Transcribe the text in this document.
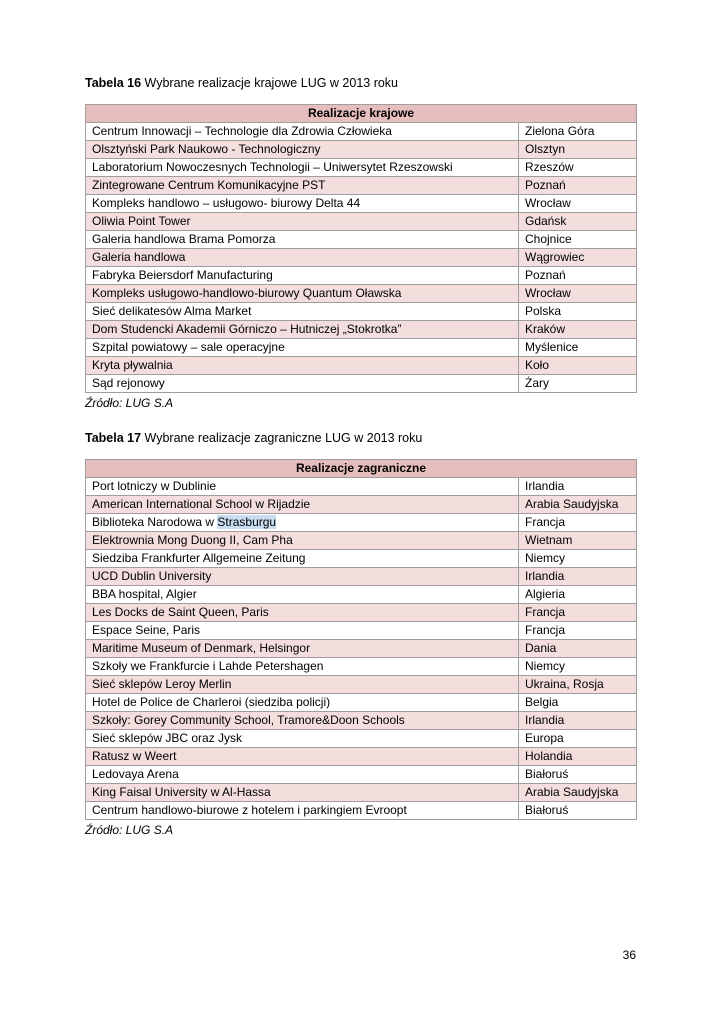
Tabela 16 Wybrane realizacje krajowe LUG w 2013 roku

Realizacje krajowe	
Centrum Innowacji – Technologie dla Zdrowia Człowieka	Zielona Góra
Olsztyński Park Naukowo - Technologiczny	Olsztyn
Laboratorium Nowoczesnych Technologii – Uniwersytet Rzeszowski	Rzeszów
Zintegrowane Centrum Komunikacyjne PST	Poznań
Kompleks handlowo – usługowo- biurowy Delta 44	Wrocław
Oliwia Point Tower	Gdańsk
Galeria handlowa Brama Pomorza	Chojnice
Galeria handlowa	Wągrowiec
Fabryka Beiersdorf Manufacturing	Poznań
Kompleks usługowo-handlowo-biurowy Quantum Oławska	Wrocław
Sieć delikatesów Alma Market	Polska
Dom Studencki Akademii Górniczo – Hutniczej „Stokrotka”	Kraków
Szpital powiatowy – sale operacyjne	Myślenice
Kryta pływalnia	Koło
Sąd rejonowy	Żary

Źródło: LUG S.A

Tabela 17 Wybrane realizacje zagraniczne LUG w 2013 roku

Realizacje zagraniczne	
Port lotniczy w Dublinie	Irlandia
American International School w Rijadzie	Arabia Saudyjska
Biblioteka Narodowa w Strasburgu	Francja
Elektrownia Mong Duong II, Cam Pha	Wietnam
Siedziba Frankfurter Allgemeine Zeitung	Niemcy
UCD Dublin University	Irlandia
BBA hospital, Algier	Algieria
Les Docks de Saint Queen, Paris	Francja
Espace Seine, Paris	Francja
Maritime Museum of Denmark, Helsingor	Dania
Szkoły we Frankfurcie i Lahde Petershagen	Niemcy
Sieć sklepów Leroy Merlin	Ukraina, Rosja
Hotel de Police de Charleroi (siedziba policji)	Belgia
Szkoły: Gorey Community School, Tramore&Doon Schools	Irlandia
Sieć sklepów JBC oraz Jysk	Europa
Ratusz w Weert	Holandia
Ledovaya Arena	Białoruś
King Faisal University w Al-Hassa	Arabia Saudyjska
Centrum handlowo-biurowe z hotelem i parkingiem Evroopt	Białoruś

Źródło: LUG S.A

36
